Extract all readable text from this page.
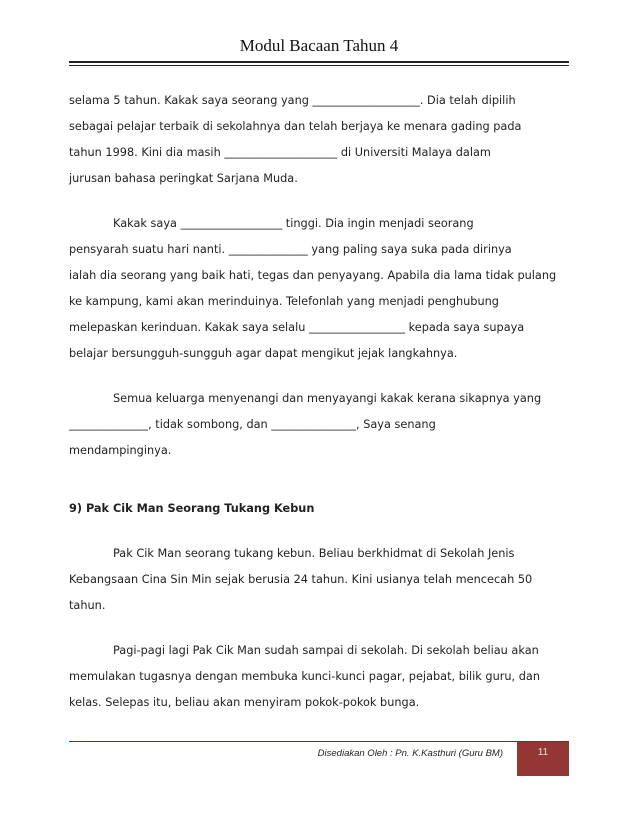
Modul Bacaan Tahun 4

selama 5 tahun. Kakak saya seorang yang ___________________. Dia telah dipilih

sebagai pelajar terbaik di sekolahnya dan telah berjaya ke menara gading pada

tahun 1998. Kini dia masih ____________________ di Universiti Malaya dalam

jurusan bahasa peringkat Sarjana Muda.

Kakak saya __________________ tinggi. Dia ingin menjadi seorang

pensyarah suatu hari nanti. ______________ yang paling saya suka pada dirinya

ialah dia seorang yang baik hati, tegas dan penyayang. Apabila dia lama tidak pulang

ke kampung, kami akan merinduinya. Telefonlah yang menjadi penghubung

melepaskan kerinduan. Kakak saya selalu _________________ kepada saya supaya

belajar bersungguh-sungguh agar dapat mengikut jejak langkahnya.

Semua keluarga menyenangi dan menyayangi kakak kerana sikapnya yang

______________, tidak sombong, dan _______________, Saya senang

mendampinginya.

9) Pak Cik Man Seorang Tukang Kebun

Pak Cik Man seorang tukang kebun. Beliau berkhidmat di Sekolah Jenis

Kebangsaan Cina Sin Min sejak berusia 24 tahun. Kini usianya telah mencecah 50

tahun.

Pagi-pagi lagi Pak Cik Man sudah sampai di sekolah. Di sekolah beliau akan

memulakan tugasnya dengan membuka kunci-kunci pagar, pejabat, bilik guru, dan

kelas. Selepas itu, beliau akan menyiram pokok-pokok bunga.

Disediakan Oleh : Pn. K.Kasthuri (Guru BM)	11
